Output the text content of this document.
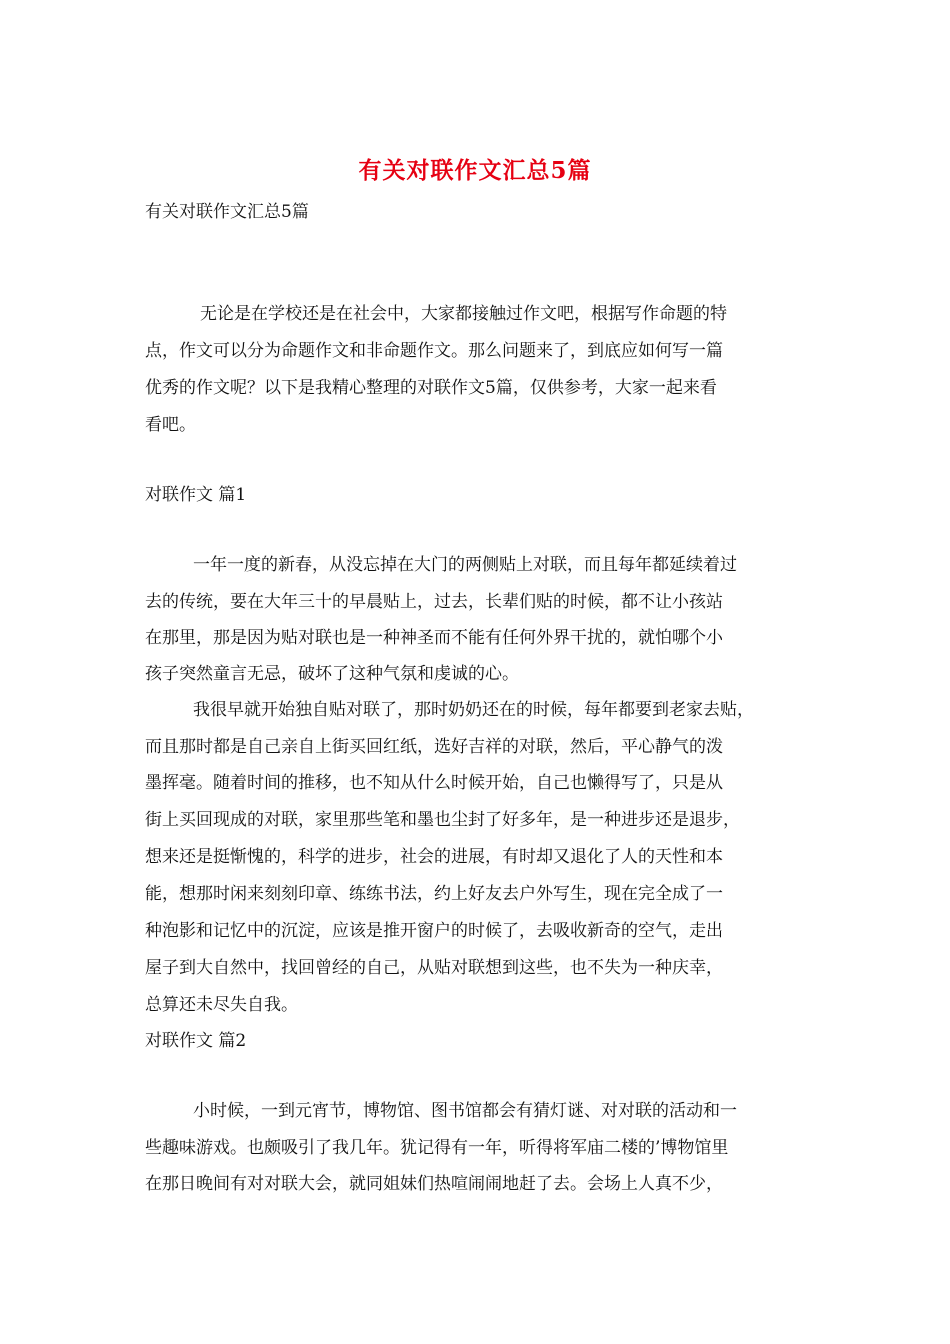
有关对联作文汇总5篇
有关对联作文汇总5篇
无论是在学校还是在社会中，大家都接触过作文吧，根据写作命题的特
点，作文可以分为命题作文和非命题作文。那么问题来了，到底应如何写一篇
优秀的作文呢？以下是我精心整理的对联作文5篇，仅供参考，大家一起来看
看吧。
对联作文 篇1
一年一度的新春，从没忘掉在大门的两侧贴上对联，而且每年都延续着过
去的传统，要在大年三十的早晨贴上，过去，长辈们贴的时候，都不让小孩站
在那里，那是因为贴对联也是一种神圣而不能有任何外界干扰的，就怕哪个小
孩子突然童言无忌，破坏了这种气氛和虔诚的心。
我很早就开始独自贴对联了，那时奶奶还在的时候，每年都要到老家去贴，
而且那时都是自己亲自上街买回红纸，选好吉祥的对联，然后，平心静气的泼
墨挥毫。随着时间的推移，也不知从什么时候开始，自己也懒得写了，只是从
街上买回现成的对联，家里那些笔和墨也尘封了好多年，是一种进步还是退步，
想来还是挺惭愧的，科学的进步，社会的进展，有时却又退化了人的天性和本
能，想那时闲来刻刻印章、练练书法，约上好友去户外写生，现在完全成了一
种泡影和记忆中的沉淀，应该是推开窗户的时候了，去吸收新奇的空气，走出
屋子到大自然中，找回曾经的自己，从贴对联想到这些，也不失为一种庆幸，
总算还未尽失自我。
对联作文 篇2
小时候，一到元宵节，博物馆、图书馆都会有猜灯谜、对对联的活动和一
些趣味游戏。也颇吸引了我几年。犹记得有一年，听得将军庙二楼的’博物馆里
在那日晚间有对对联大会，就同姐妹们热喧闹闹地赶了去。会场上人真不少，
